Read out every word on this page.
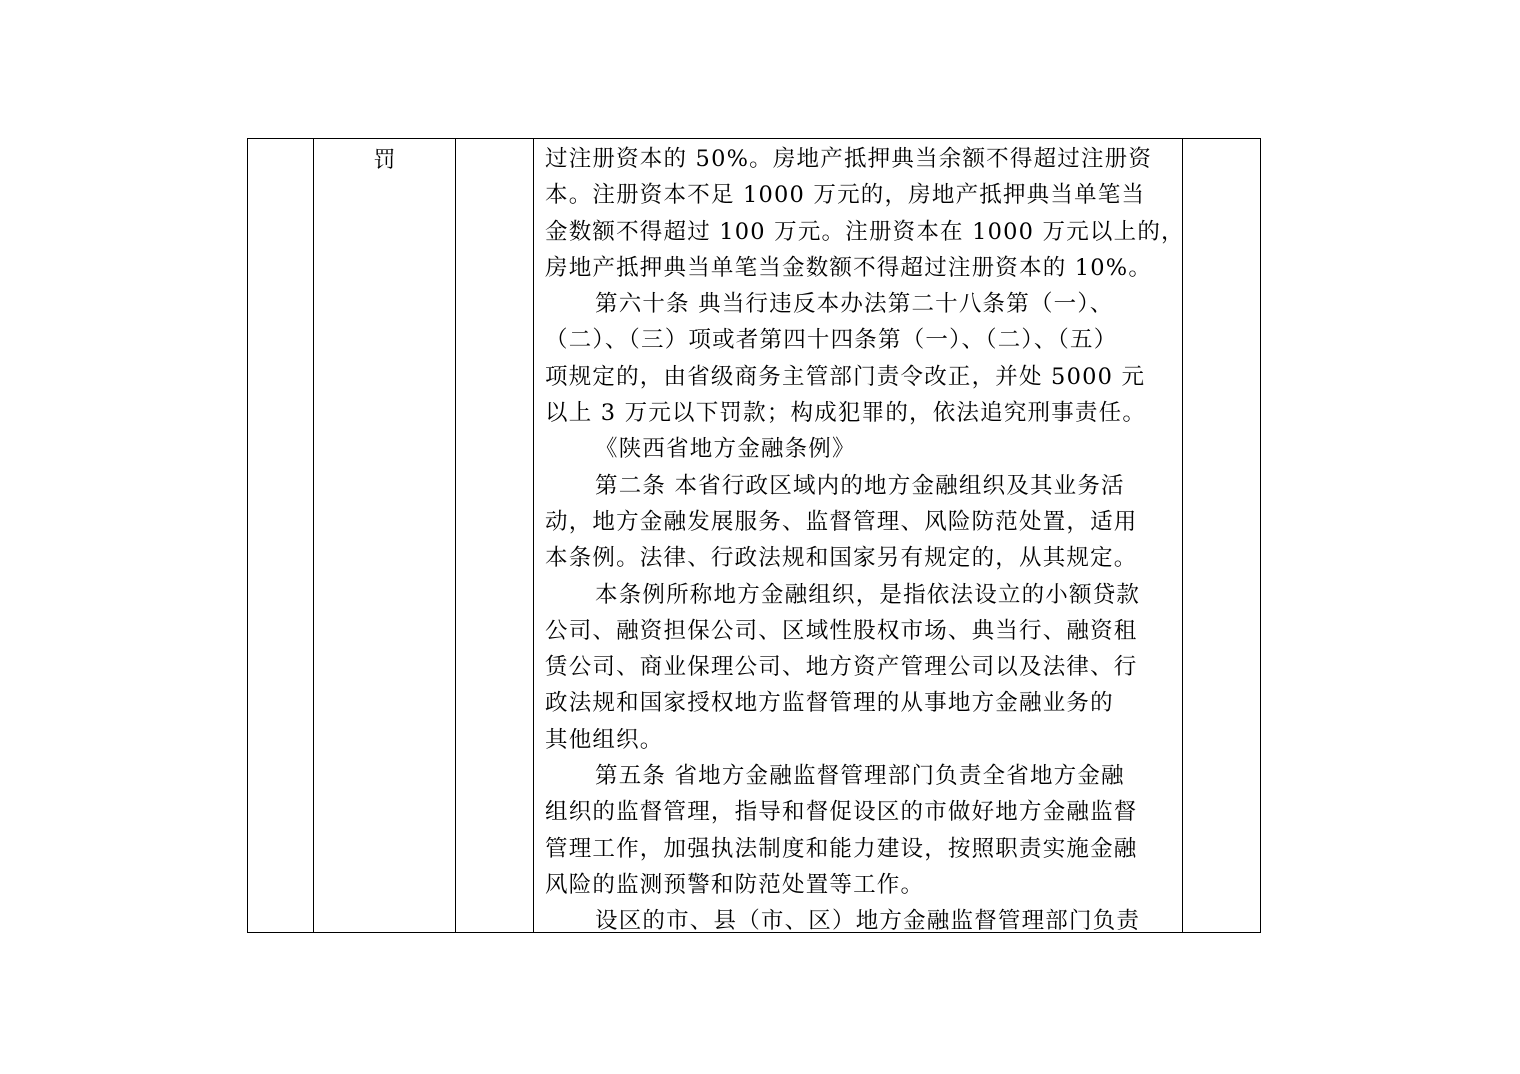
罚	过注册资本的 50%。房地产抵押典当余额不得超过注册资
本。注册资本不足 1000 万元的，房地产抵押典当单笔当
金数额不得超过 100 万元。注册资本在 1000 万元以上的，
房地产抵押典当单笔当金数额不得超过注册资本的 10%。
第六十条 典当行违反本办法第二十八条第（一）、
（二）、（三）项或者第四十四条第（一）、（二）、（五）
项规定的，由省级商务主管部门责令改正，并处 5000 元
以上 3 万元以下罚款；构成犯罪的，依法追究刑事责任。
《陕西省地方金融条例》
第二条 本省行政区域内的地方金融组织及其业务活
动，地方金融发展服务、监督管理、风险防范处置，适用
本条例。法律、行政法规和国家另有规定的，从其规定。
本条例所称地方金融组织，是指依法设立的小额贷款
公司、融资担保公司、区域性股权市场、典当行、融资租
赁公司、商业保理公司、地方资产管理公司以及法律、行
政法规和国家授权地方监督管理的从事地方金融业务的
其他组织。
第五条 省地方金融监督管理部门负责全省地方金融
组织的监督管理，指导和督促设区的市做好地方金融监督
管理工作，加强执法制度和能力建设，按照职责实施金融
风险的监测预警和防范处置等工作。
设区的市、县（市、区）地方金融监督管理部门负责
